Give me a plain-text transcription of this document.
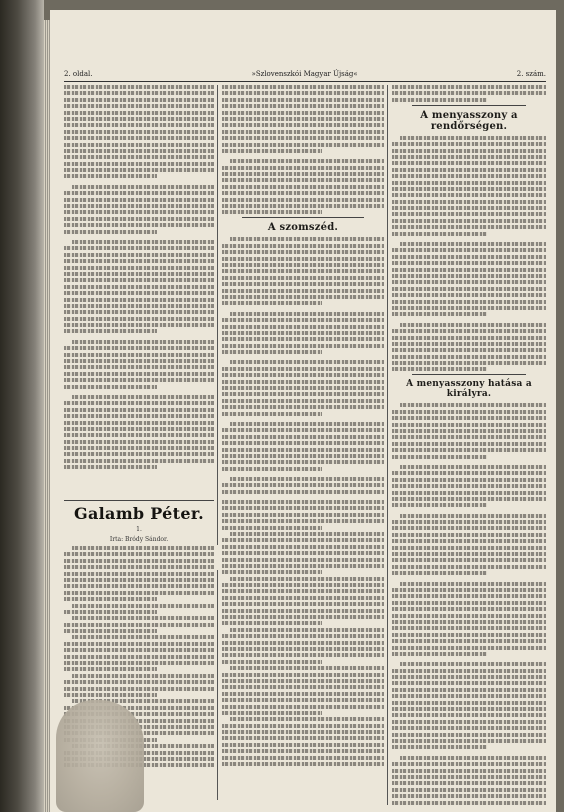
2. oldal.	»Szlovenszkói Magyar Újság«	2. szám.
A szomszéd.
A menyasszony a rendőrségen.
A menyasszony hatása a királyra.
Galamb Péter.
1.
Irta: Bródy Sándor.
